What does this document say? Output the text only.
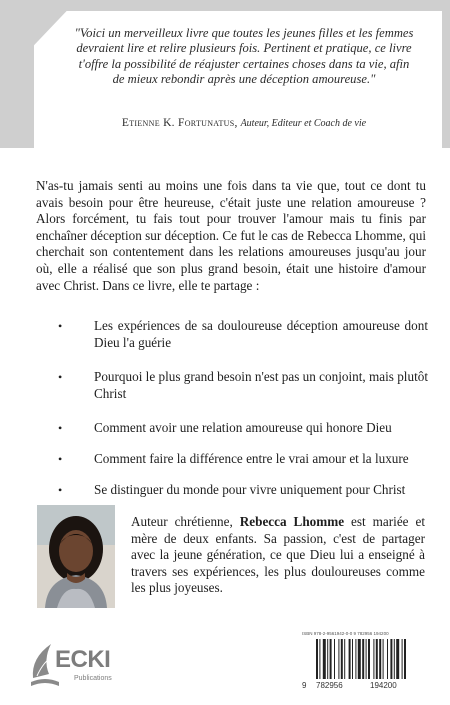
"Voici un merveilleux livre que toutes les jeunes filles et les femmes devraient lire et relire plusieurs fois. Pertinent et pratique, ce livre t'offre la possibilité de réajuster certaines choses dans ta vie, afin de mieux rebondir après une déception amoureuse."
Etienne K. Fortunatus, Auteur, Editeur et Coach de vie
N'as-tu jamais senti au moins une fois dans ta vie que, tout ce dont tu avais besoin pour être heureuse, c'était juste une relation amoureuse ? Alors forcément, tu fais tout pour trouver l'amour mais tu finis par enchaîner déception sur déception. Ce fut le cas de Rebecca Lhomme, qui cherchait son contentement dans les relations amoureuses jusqu'au jour où, elle a réalisé que son plus grand besoin, était une histoire d'amour avec Christ. Dans ce livre, elle te partage :
• Les expériences de sa douloureuse déception amoureuse dont Dieu l'a guérie
• Pourquoi le plus grand besoin n'est pas un conjoint, mais plutôt Christ
• Comment avoir une relation amoureuse qui honore Dieu
• Comment faire la différence entre le vrai amour et la luxure
• Se distinguer du monde pour vivre uniquement pour Christ
Auteur chrétienne, Rebecca Lhomme est mariée et mère de deux enfants. Sa passion, c'est de partager avec la jeune génération, ce que Dieu lui a enseigné à travers ses expériences, les plus douloureuses comme les plus joyeuses.
ECKI
Publications
ISBN 978-2-9561942-0-0 9 782956 194200
9 782956	194200
